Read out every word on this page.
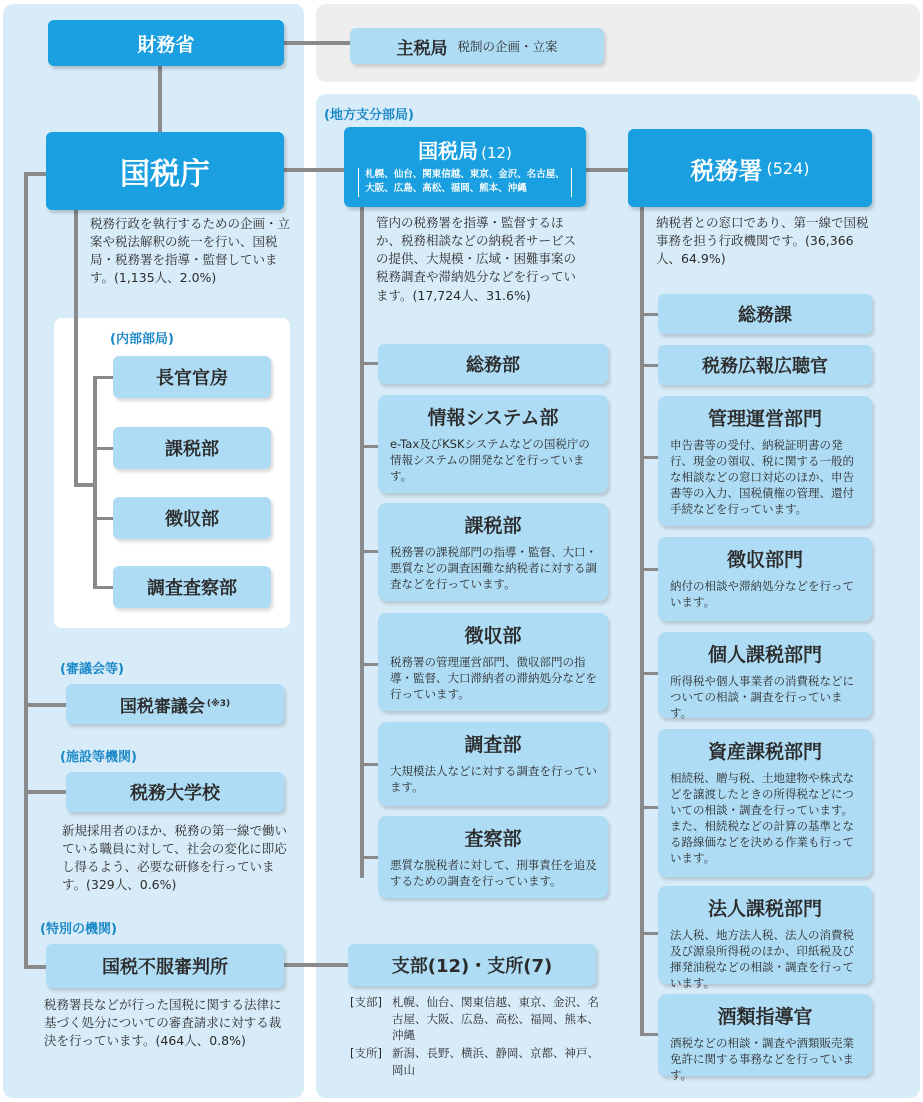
財務省	主税局 税制の企画・立案
国税庁
税務行政を執行するための企画・立案や税法解釈の統一を行い、国税局・税務署を指導・監督しています。(1,135人、2.0%)
(内部部局)
長官官房
課税部
徴収部
調査査察部
(審議会等)
国税審議会 (※3)
(施設等機関)
税務大学校
新規採用者のほか、税務の第一線で働いている職員に対して、社会の変化に即応し得るよう、必要な研修を行っています。(329人、0.6%)
(特別の機関)
国税不服審判所
税務署長などが行った国税に関する法律に基づく処分についての審査請求に対する裁決を行っています。(464人、0.8%)
(地方支分部局)
国税局 (12)
札幌、仙台、関東信越、東京、金沢、名古屋、
大阪、広島、高松、福岡、熊本、沖縄
管内の税務署を指導・監督するほか、税務相談などの納税者サービスの提供、大規模・広域・困難事案の税務調査や滞納処分などを行っています。(17,724人、31.6%)
総務部
情報システム部
e-Tax及びKSKシステムなどの国税庁の情報システムの開発などを行っています。
課税部
税務署の課税部門の指導・監督、大口・悪質などの調査困難な納税者に対する調査などを行っています。
徴収部
税務署の管理運営部門、徴収部門の指導・監督、大口滞納者の滞納処分などを行っています。
調査部
大規模法人などに対する調査を行っています。
査察部
悪質な脱税者に対して、刑事責任を追及するための調査を行っています。
税務署 (524)
納税者との窓口であり、第一線で国税事務を担う行政機関です。(36,366人、64.9%)
総務課
税務広報広聴官
管理運営部門
申告書等の受付、納税証明書の発行、現金の領収、税に関する一般的な相談などの窓口対応のほか、申告書等の入力、国税債権の管理、還付手続などを行っています。
徴収部門
納付の相談や滞納処分などを行っています。
個人課税部門
所得税や個人事業者の消費税などについての相談・調査を行っています。
資産課税部門
相続税、贈与税、土地建物や株式などを譲渡したときの所得税などについての相談・調査を行っています。また、相続税などの計算の基準となる路線価などを決める作業も行っています。
法人課税部門
法人税、地方法人税、法人の消費税及び源泉所得税のほか、印紙税及び揮発油税などの相談・調査を行っています。
酒類指導官
酒税などの相談・調査や酒類販売業免許に関する事務などを行っています。
支部(12)・支所(7)
[支部] 札幌、仙台、関東信越、東京、金沢、名古屋、大阪、広島、高松、福岡、熊本、沖縄
[支所] 新潟、長野、横浜、静岡、京都、神戸、岡山
